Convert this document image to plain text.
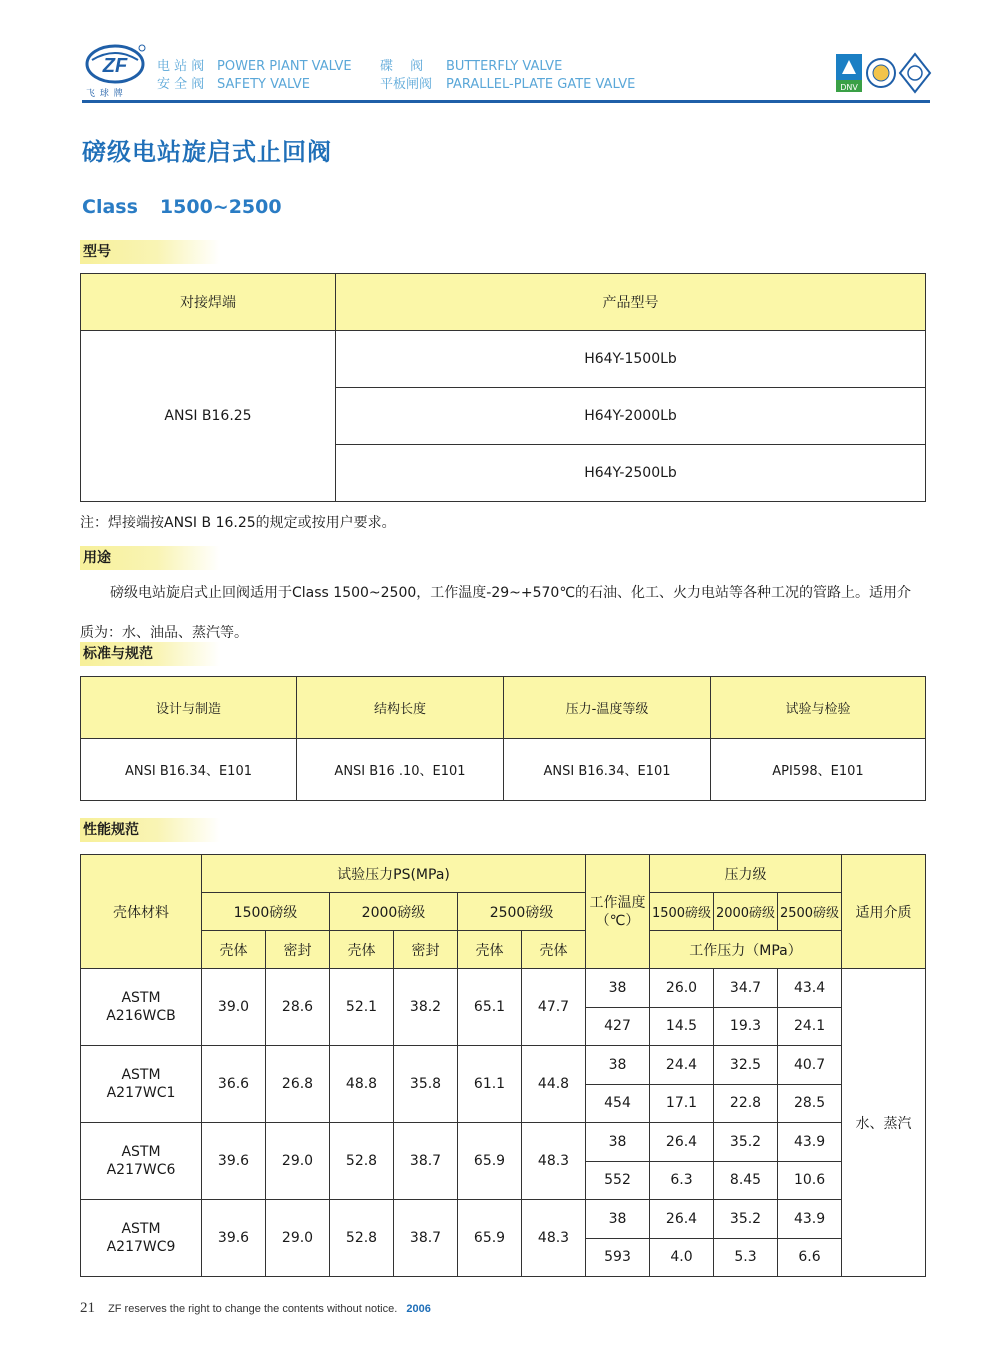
ZF
飞 球 牌
电 站 阀
安 全 阀
POWER PIANT VALVE
SAFETY VALVE
碟　 阀
平板闸阀
BUTTERFLY VALVE
PARALLEL-PLATE GATE VALVE	DNV
磅级电站旋启式止回阀
Class 1500~2500
型号
对接焊端	产品型号
ANSI B16.25	H64Y-1500Lb
	H64Y-2000Lb
	H64Y-2500Lb
注：焊接端按ANSI B 16.25的规定或按用户要求。
用途
磅级电站旋启式止回阀适用于Class 1500~2500，工作温度-29~+570℃的石油、化工、火力电站等各种工况的管路上。适用介质为：水、油品、蒸汽等。
标准与规范
设计与制造	结构长度	压力-温度等级	试验与检验
ANSI B16.34、E101	ANSI B16 .10、E101	ANSI B16.34、E101	API598、E101
性能规范
壳体材料	试验压力PS(MPa)						工作温度（℃）	压力级			适用介质
	1500磅级		2000磅级		2500磅级			1500磅级	2000磅级	2500磅级	
	壳体	密封	壳体	密封	壳体	壳体		工作压力（MPa）			
ASTM A216WCB	39.0	28.6	52.1	38.2	65.1	47.7	38	26.0	34.7	43.4	水、蒸汽
							427	14.5	19.3	24.1	
ASTM A217WC1	36.6	26.8	48.8	35.8	61.1	44.8	38	24.4	32.5	40.7	
							454	17.1	22.8	28.5	
ASTM A217WC6	39.6	29.0	52.8	38.7	65.9	48.3	38	26.4	35.2	43.9	
							552	6.3	8.45	10.6	
ASTM A217WC9	39.6	29.0	52.8	38.7	65.9	48.3	38	26.4	35.2	43.9	
							593	4.0	5.3	6.6	
21 ZF reserves the right to change the contents without notice. 2006
